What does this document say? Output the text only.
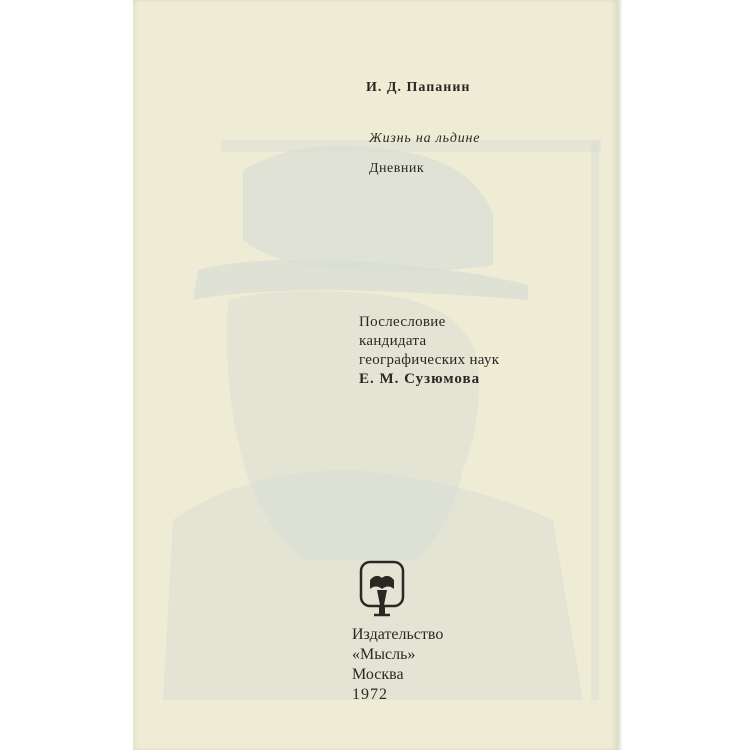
И. Д. Папанин
Жизнь на льдине
Дневник
Послесловие
кандидата
географических наук
Е. М. Сузюмова
Издательство
«Мысль»
Москва
1972
